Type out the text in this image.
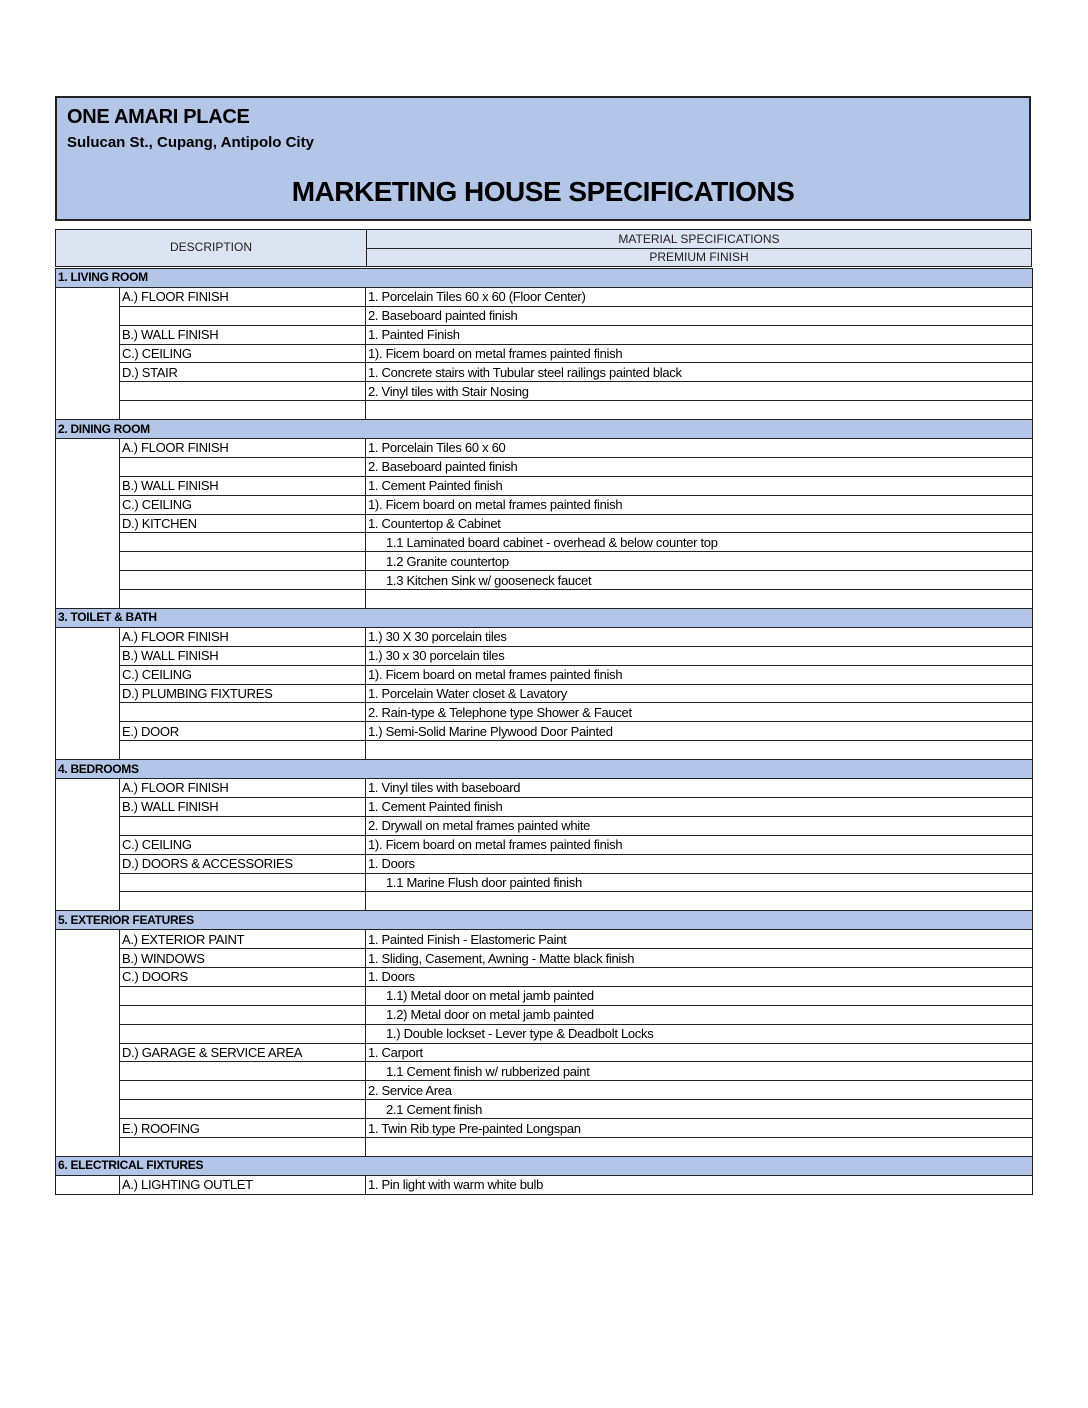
ONE AMARI PLACE
Sulucan St., Cupang, Antipolo City
MARKETING HOUSE SPECIFICATIONS
DESCRIPTION
MATERIAL SPECIFICATIONS
PREMIUM FINISH
1. LIVING ROOM		
	A.) FLOOR FINISH	1. Porcelain Tiles 60 x 60 (Floor Center)
		2. Baseboard painted finish
	B.) WALL FINISH	1. Painted Finish
	C.) CEILING	1). Ficem board on metal frames painted finish
	D.) STAIR	1. Concrete stairs with Tubular steel railings painted black
		2. Vinyl tiles with Stair Nosing

2. DINING ROOM		
	A.) FLOOR FINISH	1. Porcelain Tiles 60 x 60
		2. Baseboard painted finish
	B.) WALL FINISH	1. Cement Painted finish
	C.) CEILING	1). Ficem board on metal frames painted finish
	D.) KITCHEN	1. Countertop & Cabinet
		1.1 Laminated board cabinet - overhead & below counter top
		1.2 Granite countertop
		1.3 Kitchen Sink w/ gooseneck faucet

3. TOILET & BATH		
	A.) FLOOR FINISH	1.) 30 X 30 porcelain tiles
	B.) WALL FINISH	1.) 30 x 30 porcelain tiles
	C.) CEILING	1). Ficem board on metal frames painted finish
	D.) PLUMBING FIXTURES	1. Porcelain Water closet & Lavatory
		2. Rain-type & Telephone type Shower & Faucet
	E.) DOOR	1.) Semi-Solid Marine Plywood Door Painted

4. BEDROOMS		
	A.) FLOOR FINISH	1. Vinyl tiles with baseboard
	B.) WALL FINISH	1. Cement Painted finish
		2. Drywall on metal frames painted white
	C.) CEILING	1). Ficem board on metal frames painted finish
	D.) DOORS & ACCESSORIES	1. Doors
		1.1 Marine Flush door painted finish

5. EXTERIOR FEATURES		
	A.) EXTERIOR PAINT	1. Painted Finish - Elastomeric Paint
	B.) WINDOWS	1. Sliding, Casement, Awning - Matte black finish
	C.) DOORS	1. Doors
		1.1) Metal door on metal jamb painted
		1.2) Metal door on metal jamb painted
		1.) Double lockset - Lever type & Deadbolt Locks
	D.) GARAGE & SERVICE AREA	1. Carport
		1.1 Cement finish w/ rubberized paint
		2. Service Area
		2.1 Cement finish
	E.) ROOFING	1. Twin Rib type Pre-painted Longspan

6. ELECTRICAL FIXTURES		
	A.) LIGHTING OUTLET	1. Pin light with warm white bulb
